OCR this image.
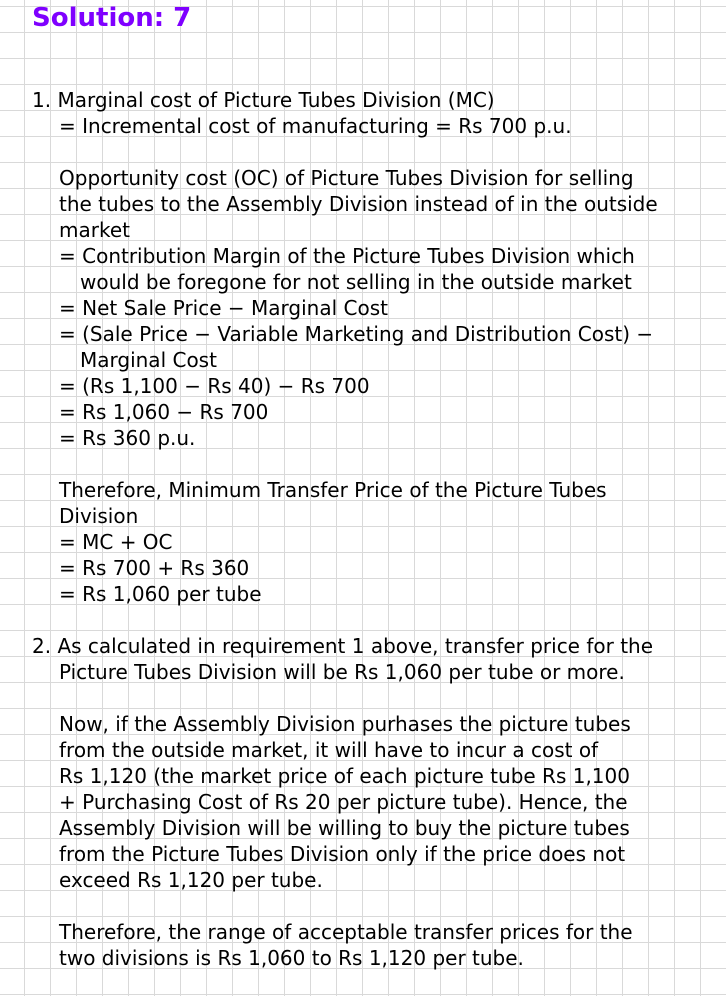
Solution: 7
1. Marginal cost of Picture Tubes Division (MC)
= Incremental cost of manufacturing = Rs 700 p.u.
Opportunity cost (OC) of Picture Tubes Division for selling
the tubes to the Assembly Division instead of in the outside
market
= Contribution Margin of the Picture Tubes Division which
would be foregone for not selling in the outside market
= Net Sale Price − Marginal Cost
= (Sale Price − Variable Marketing and Distribution Cost) −
Marginal Cost
= (Rs 1,100 − Rs 40) − Rs 700
= Rs 1,060 − Rs 700
= Rs 360 p.u.
Therefore, Minimum Transfer Price of the Picture Tubes
Division
= MC + OC
= Rs 700 + Rs 360
= Rs 1,060 per tube
2. As calculated in requirement 1 above, transfer price for the
Picture Tubes Division will be Rs 1,060 per tube or more.
Now, if the Assembly Division purhases the picture tubes
from the outside market, it will have to incur a cost of
Rs 1,120 (the market price of each picture tube Rs 1,100
+ Purchasing Cost of Rs 20 per picture tube). Hence, the
Assembly Division will be willing to buy the picture tubes
from the Picture Tubes Division only if the price does not
exceed Rs 1,120 per tube.
Therefore, the range of acceptable transfer prices for the
two divisions is Rs 1,060 to Rs 1,120 per tube.
